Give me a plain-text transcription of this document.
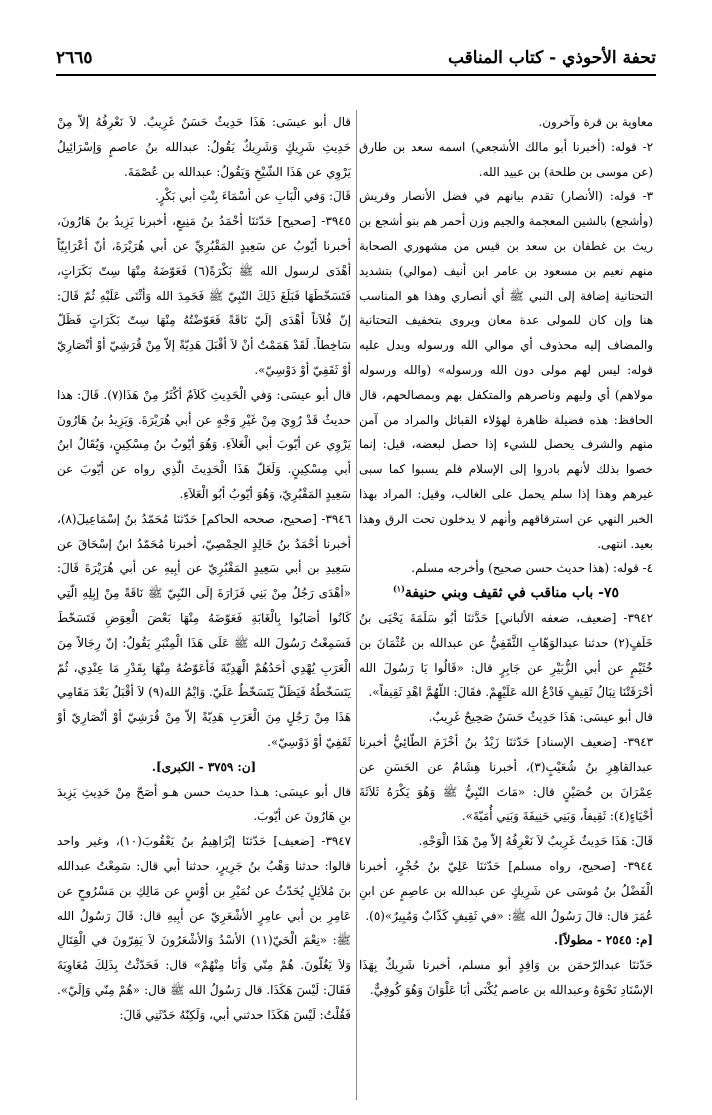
تحفة الأحوذي - كتاب المناقب
٢٦٦٥

معاوية بن قرة وآخرون.

٢- قوله: (أخبرنا أبو مالك الأشجعي) اسمه سعد بن طارق (عن موسى بن طلحة) بن عبيد الله.

٣- قوله: (الأنصار) تقدم بيانهم في فضل الأنصار وقريش (وأشجع) بالشين المعجمة والجيم وزن أحمر هم بنو أشجع بن ريث بن غطفان بن سعد بن قيس من مشهوري الصحابة منهم نعيم بن مسعود بن عامر ابن أنيف (موالي) بتشديد التحتانية إضافة إلى النبي ﷺ أي أنصاري وهذا هو المناسب هنا وإن كان للمولى عدة معان ويروى بتخفيف التحتانية والمضاف إليه محذوف أي موالي الله ورسوله ويدل عليه قوله: ليس لهم مولى دون الله ورسوله» (والله ورسوله مولاهم) أي وليهم وناصرهم والمتكفل بهم وبمصالحهم، قال الحافظ: هذه فضيلة ظاهرة لهؤلاء القبائل والمراد من آمن منهم والشرف يحصل للشيء إذا حصل لبعضه، قيل: إنما خصوا بذلك لأنهم بادروا إلى الإسلام فلم يسبوا كما سبى غيرهم وهذا إذا سلم يحمل على الغالب، وقيل: المراد بهذا الخبر النهي عن استرقاقهم وأنهم لا يدخلون تحت الرق وهذا بعيد. انتهى.

٤- قوله: (هذا حديث حسن صحيح) وأخرجه مسلم.

٧٥- باب مناقب في ثقيف وبني حنيفة$^{(١)}$

٣٩٤٢- [ضعيف، ضعفه الألباني] حَدَّثنَا أبُو سَلَمَةَ يَحْيَى بنُ خَلَفٍ(٢) حدثنا عبدالوَهّابِ الثَّقَفِيُّ عن عبدالله بن عُثْمَانَ بن خُثَيْمٍ عن أبي الزُّبَيْرِ عن جَابِرٍ قال: «قَالُوا يَا رَسُولَ الله أحْرَقَتْنَا نِبَالُ ثَقِيفٍ فَادْعُ الله عَلَيْهِمْ. فقَالَ: اللّهُمَّ اهْدِ ثَقِيفاً».

قال أبو عيسَى: هَذَا حَدِيثٌ حَسَنٌ صَحِيحٌ غَرِيبٌ.

٣٩٤٣- [ضعيف الإسناد] حَدّثنَا زَيْدُ بنُ أخْزَمَ الطّائِيُّ أخبرنا عبدالقاهِرِ بنُ شُعَيْبٍ(٣)، أخبرنا هِشَامٌ عن الحَسَنِ عن عِمْرَانَ بن حُصَيْنٍ قال: «مَاتَ النّبِيُّ ﷺ وَهُوَ يَكْرَهُ ثَلاَثَةَ أحْيَاءٍ(٤): ثَقِيفاً، وَبَنِي حَنِيفَةَ وَبَنِي أُمَيّةَ».

قَالَ: هَذَا حَدِيثٌ غَرِيبٌ لاَ نَعْرِفُهُ إلاّ مِنْ هَذَا الْوَجْهِ.

٣٩٤٤- [صحيح، رواه مسلم] حَدّثنَا عَلِيّ بنُ حُجْرٍ، أخبرنا الْفَضْلُ بنُ مُوسَى عن شَرِيكٍ عن عبدالله بن عاصِمٍ عن ابنِ عُمَرَ قال: قالَ رَسُولُ الله ﷺ: «في ثَقِيفٍ كَذّابٌ وَمُبِيرٌ»(٥).

[م: ٢٥٤٥ - مطولاً].

حَدّثنَا عبدالرّحمَن بن وَاقِدٍ أبو مسلم، أخبرنا شَرِيكٌ بِهَذَا الإسْنَادِ نَحْوَهُ وعبدالله بن عاصم يُكْنَى أبَا عَلْوَانَ وَهُوَ كُوفِيٌّ.

قال أبو عيسَى: هَذَا حَدِيثٌ حَسَنٌ غَرِيبٌ. لاَ نَعْرِفُهُ إلاّ مِنْ حَدِيثِ شَرِيكٍ وَشَرِيكٌ يَقُولُ: عبدالله بنُ عاصمٍ وَإسْرَائِيلُ يَرْوِي عن هَذَا الشّيْخِ وَيَقُولُ: عبدالله بن عُصْمَةَ.

قَالَ: وَفي الْبَابِ عن أسْمَاءَ بِنْتِ أبي بَكْرٍ.

٣٩٤٥- [صحيح] حَدّثنَا أحْمَدُ بنُ مَنِيعٍ، أخبرنا يَزِيدُ بنُ هَارُونَ، أخبرنا أيّوبُ عن سَعِيدٍ المَقْبُرِيِّ عن أبي هُرَيْرَةَ، أنّ أعْرَابِيّاً أهْدَى لرسول الله ﷺ بَكْرَةً(٦) فَعَوّضَهُ مِنْهَا سِتّ بَكَرَاتٍ، فَتَسَخّطَهَا فَبَلَغَ ذَلِكَ النّبِيّ ﷺ فَحَمِدَ الله وَأثْنَى عَلَيْهِ ثُمّ قَالَ: إنّ فُلاَناً أهْدَى إلَيّ نَاقَةً فَعَوّضْتُهُ مِنْهَا سِتّ بَكَرَاتٍ فَظَلّ سَاخِطاً. لَقَدْ هَمَمْتُ أنْ لاَ أقْبَلَ هَدِيّةً إلاّ مِنْ قُرَشِيّ أوْ أنْصَارِيّ أوْ ثَقَفِيّ أوْ دَوْسِيّ».

قال أبو عيسَى: وَفي الْحَدِيثِ كَلاَمٌ أكْثَرُ مِنْ هَذَا(٧). قَالَ: هذا حديثٌ قَدْ رُوِيَ مِنْ غَيْرِ وَجْهٍ عن أبي هُرَيْرَةَ. وَيَزِيدُ بنُ هَارُونَ يَرْوِي عن أيّوبَ أبي الْعَلاَءِ. وَهُوَ أيّوبُ بنُ مِسْكِينٍ، وَيُقَالُ ابنُ أبي مِسْكِينٍ. وَلَعَلّ هَذَا الْحَدِيثَ الّذِي رواه عن أيّوبَ عن سَعِيدٍ المَقْبُرِيّ، وَهُوَ أيّوبُ أبُو الْعَلاَءِ.

٣٩٤٦- [صحيح، صححه الحاكم] حَدّثنَا مُحَمّدُ بنُ إسْمَاعِيلَ(٨)، أخبرنا أحْمَدُ بنُ خَالِدٍ الحِمْصِيّ، أخبرنا مُحَمّدُ ابنُ إسْحَاقَ عن سَعِيدِ بن أبي سَعِيدٍ المَقْبُرِيّ عن أبِيهِ عن أبي هُرَيْرَةَ قَالَ: «أهْدَى رَجُلٌ مِنْ بَنِي فَزَارَةَ إلَى النّبِيّ ﷺ نَاقَةً مِنْ إبِلِهِ الّتِي كَانُوا أصَابُوا بِالْغَابَةِ فَعَوّضَهُ مِنْهَا بَعْضَ الْعِوَضِ فَتَسَخّطَ فَسَمِعْتُ رَسُولَ الله ﷺ عَلَى هَذَا الْمِنْبَرِ يَقُولُ: إنّ رِجَالاً مِنَ الْعَرَبِ يُهْدِي أحَدُهُمْ الْهَدِيّةَ فَأعَوّضُهُ مِنْهَا بِقَدْرِ مَا عِنْدِي، ثُمّ يَتَسَخّطُهُ فَيَظَلّ يَتَسَخّطُ عَلَيّ. وَايْمُ الله(٩) لاَ أقْبَلُ بَعْدَ مَقَامِي هَذَا مِنْ رَجُلٍ مِنَ الْعَرَبِ هَدِيّةً إلاّ مِنْ قُرَشِيّ أوْ أنْصَارِيّ أوْ ثَقَفِيّ أوْ دَوْسِيّ».

[ن: ٣٧٥٩ - الكبرى].

قال أبو عيسَى: هـذا حديث حسن هـو أصَحّ مِنْ حَدِيثِ يَزِيدَ بنِ هَارُونَ عن أيّوبَ.

٣٩٤٧- [ضعيف] حَدّثنَا إبْرَاهِيمُ بنُ يَعْقُوبَ(١٠)، وغير واحد قالوا: حدثنا وَهْبُ بنُ جَرِيرٍ، حدثنا أبي قال: سَمِعْتُ عبدالله بنَ مُلاَئِلٍ يُحَدّثُ عن نُمَيْرِ بن أوْسٍ عن مَالِكِ بن مَسْرُوحٍ عن عَامِرِ بن أبي عامِرٍ الأشْعَرِيّ عن أبِيهِ قال: قَالَ رَسُولُ الله ﷺ: «نِعْمَ الْحَيّ(١١) الأسْدُ وَالأشْعَرُونَ لاَ يَفِرّونَ في الْقِتَالِ وَلاَ يَغُلّونَ. هُمْ مِنّي وَأنَا مِنْهُمْ» قال: فَحَدّثْتُ بِذَلِكَ مُعَاوِيَةَ فَقَالَ: لَيْسَ هَكَذَا. قال رَسُولُ الله ﷺ قال: «هُمْ مِنّي وَإلَيّ». فَقُلْتُ: لَيْسَ هَكَذَا حدثني أبي، وَلَكِنّهُ حَدّثَنِي قَالَ:
